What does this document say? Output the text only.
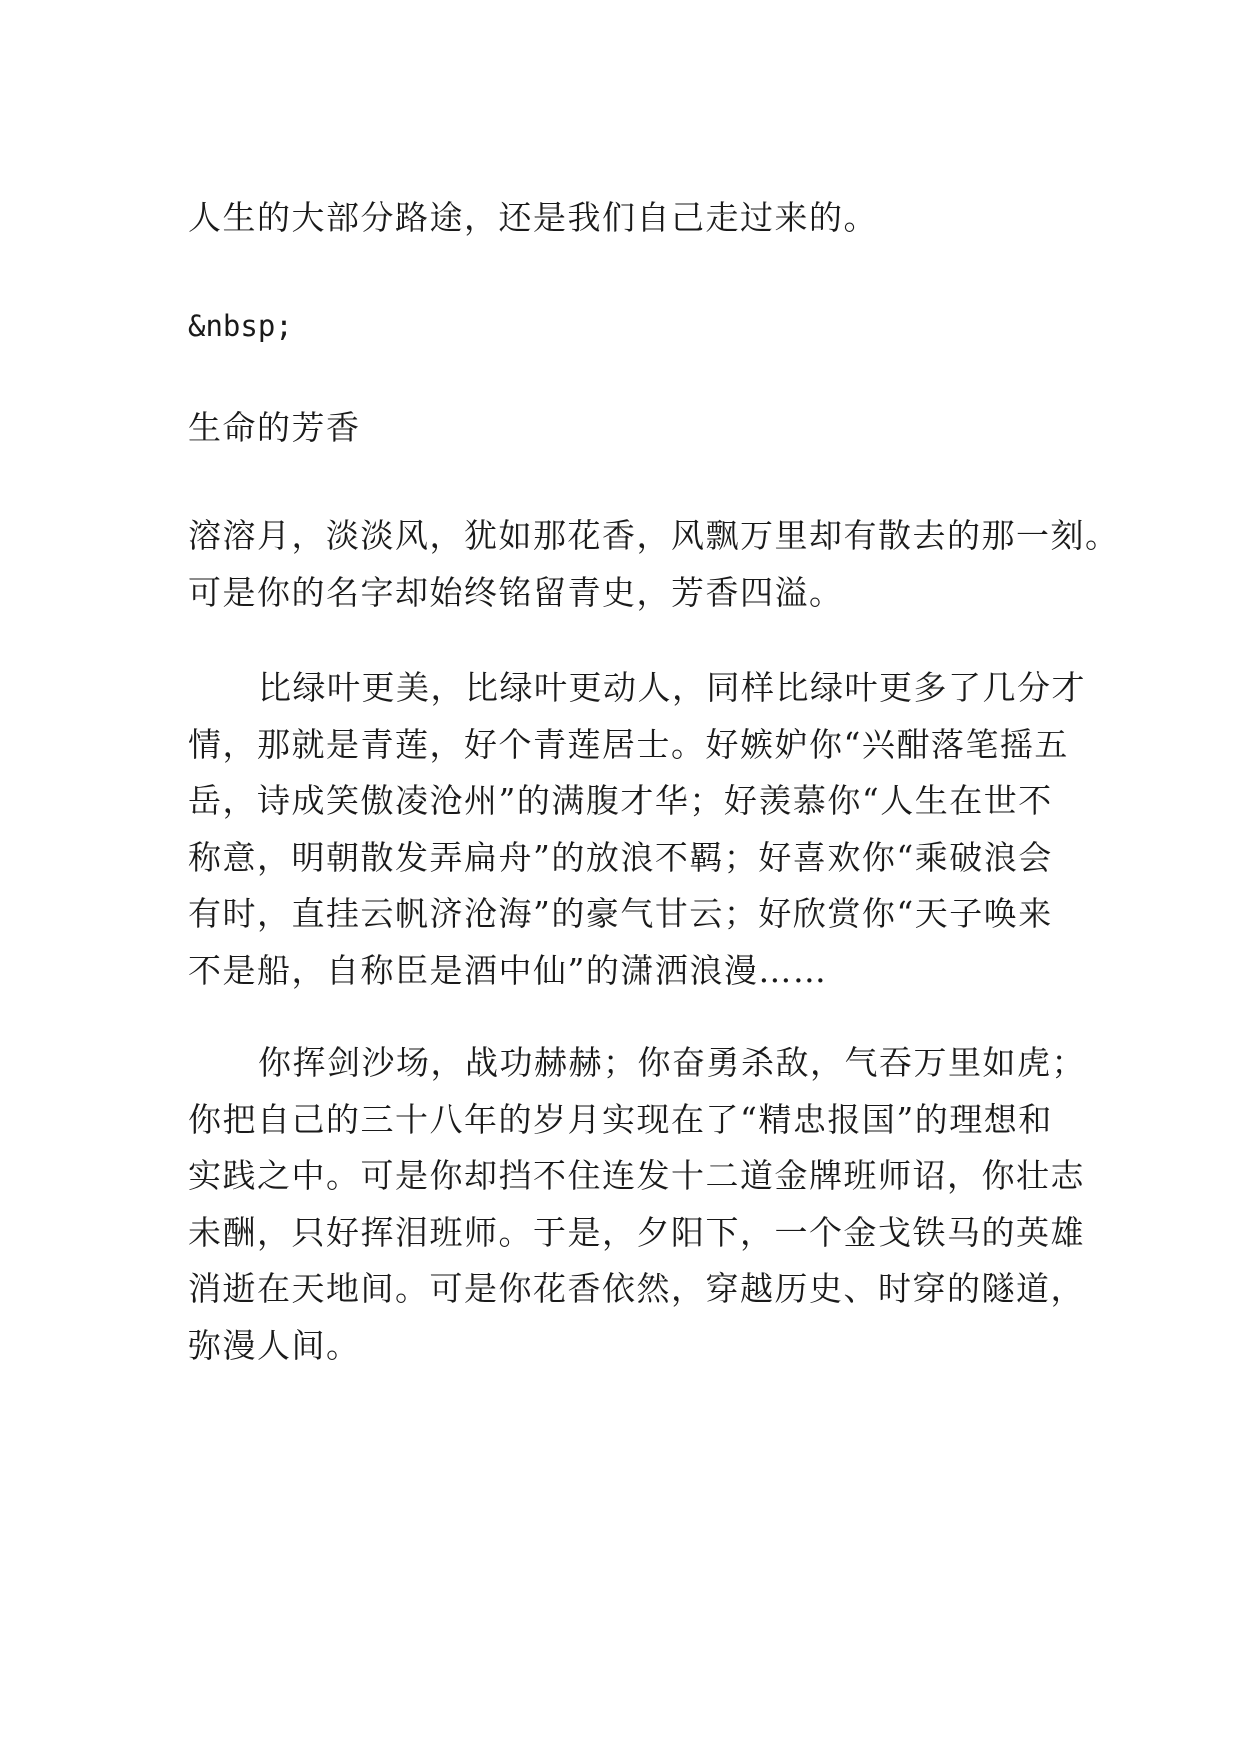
人生的大部分路途，还是我们自己走过来的。

&nbsp;

生命的芳香

溶溶月，淡淡风，犹如那花香，风飘万里却有散去的那一刻。
可是你的名字却始终铭留青史，芳香四溢。

比绿叶更美，比绿叶更动人，同样比绿叶更多了几分才
情，那就是青莲，好个青莲居士。好嫉妒你“兴酣落笔摇五
岳，诗成笑傲凌沧州”的满腹才华；好羡慕你“人生在世不
称意，明朝散发弄扁舟”的放浪不羁；好喜欢你“乘破浪会
有时，直挂云帆济沧海”的豪气甘云；好欣赏你“天子唤来
不是船，自称臣是酒中仙”的潇洒浪漫……

你挥剑沙场，战功赫赫；你奋勇杀敌，气吞万里如虎；
你把自己的三十八年的岁月实现在了“精忠报国”的理想和
实践之中。可是你却挡不住连发十二道金牌班师诏，你壮志
未酬，只好挥泪班师。于是，夕阳下，一个金戈铁马的英雄
消逝在天地间。可是你花香依然，穿越历史、时穿的隧道，
弥漫人间。
